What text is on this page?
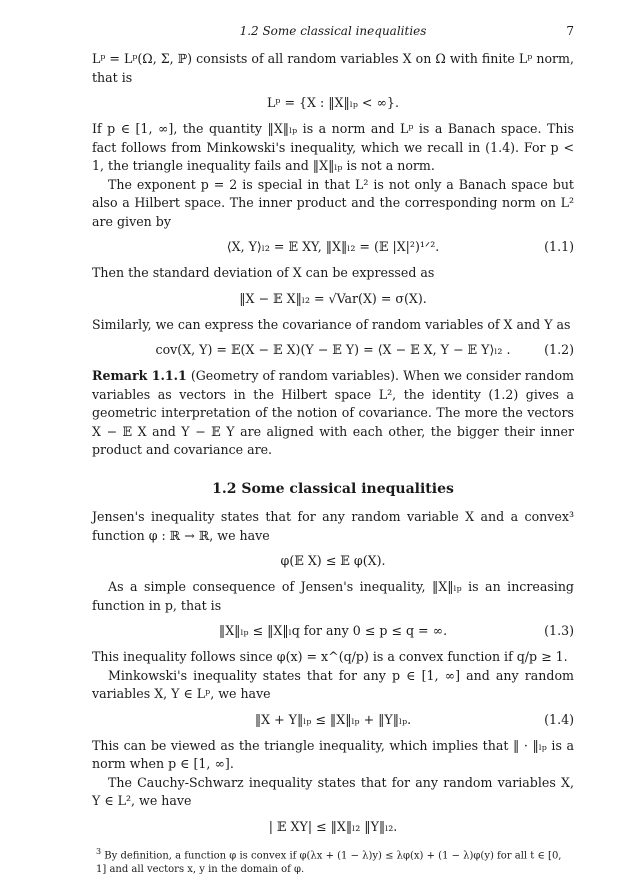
1.2 Some classical inequalities	7

Lᵖ = Lᵖ(Ω, Σ, ℙ) consists of all random variables X on Ω with finite Lᵖ norm, that is

Lᵖ = {X : ‖X‖ₗₚ < ∞}.

If p ∈ [1, ∞], the quantity ‖X‖ₗₚ is a norm and Lᵖ is a Banach space. This fact follows from Minkowski's inequality, which we recall in (1.4). For p < 1, the triangle inequality fails and ‖X‖ₗₚ is not a norm.

The exponent p = 2 is special in that L² is not only a Banach space but also a Hilbert space. The inner product and the corresponding norm on L² are given by

⟨X, Y⟩ₗ₂ = 𝔼 XY, ‖X‖ₗ₂ = (𝔼 |X|²)¹ᐟ².	(1.1)

Then the standard deviation of X can be expressed as

‖X − 𝔼 X‖ₗ₂ = √Var(X) = σ(X).

Similarly, we can express the covariance of random variables of X and Y as

cov(X, Y) = 𝔼(X − 𝔼 X)(Y − 𝔼 Y) = ⟨X − 𝔼 X, Y − 𝔼 Y⟩ₗ₂ .	(1.2)

Remark 1.1.1 (Geometry of random variables). When we consider random variables as vectors in the Hilbert space L², the identity (1.2) gives a geometric interpretation of the notion of covariance. The more the vectors X − 𝔼 X and Y − 𝔼 Y are aligned with each other, the bigger their inner product and covariance are.

1.2 Some classical inequalities

Jensen's inequality states that for any random variable X and a convex³ function φ : ℝ → ℝ, we have

φ(𝔼 X) ≤ 𝔼 φ(X).

As a simple consequence of Jensen's inequality, ‖X‖ₗₚ is an increasing function in p, that is

‖X‖ₗₚ ≤ ‖X‖ₗq for any 0 ≤ p ≤ q = ∞.	(1.3)

This inequality follows since φ(x) = x^(q/p) is a convex function if q/p ≥ 1.

Minkowski's inequality states that for any p ∈ [1, ∞] and any random variables X, Y ∈ Lᵖ, we have

‖X + Y‖ₗₚ ≤ ‖X‖ₗₚ + ‖Y‖ₗₚ.	(1.4)

This can be viewed as the triangle inequality, which implies that ‖ · ‖ₗₚ is a norm when p ∈ [1, ∞].

The Cauchy-Schwarz inequality states that for any random variables X, Y ∈ L², we have

| 𝔼 XY| ≤ ‖X‖ₗ₂ ‖Y‖ₗ₂.
$^3$ By definition, a function φ is convex if φ(λx + (1 − λ)y) ≤ λφ(x) + (1 − λ)φ(y) for all t ∈ [0, 1] and all vectors x, y in the domain of φ.
